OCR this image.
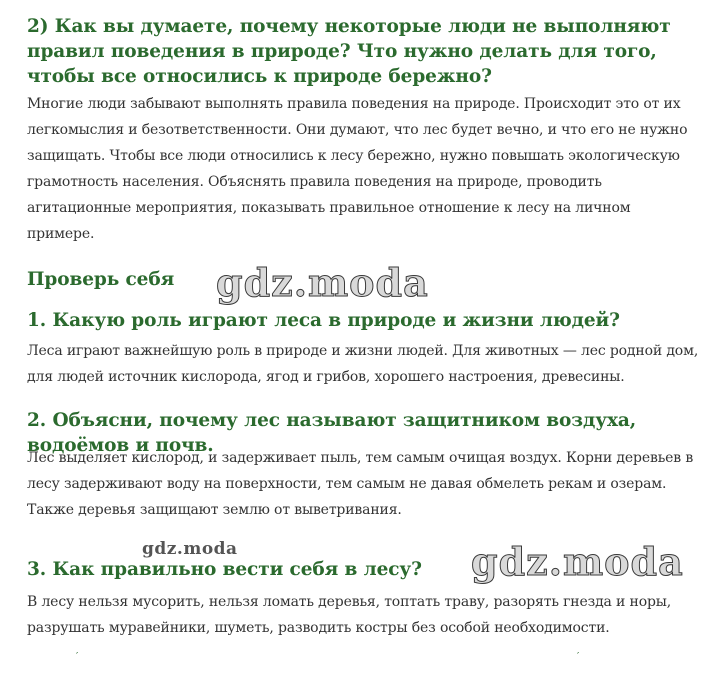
2) Как вы думаете, почему некоторые люди не выполняют правил поведения в природе? Что нужно делать для того, чтобы все относились к природе бережно?

Многие люди забывают выполнять правила поведения на природе. Происходит это от их легкомыслия и безответственности. Они думают, что лес будет вечно, и что его не нужно защищать. Чтобы все люди относились к лесу бережно, нужно повышать экологическую грамотность населения. Объяснять правила поведения на природе, проводить агитационные мероприятия, показывать правильное отношение к лесу на личном примере.

Проверь себя
1. Какую роль играют леса в природе и жизни людей?

Леса играют важнейшую роль в природе и жизни людей. Для животных — лес родной дом, для людей источник кислорода, ягод и грибов, хорошего настроения, древесины.

2. Объясни, почему лес называют защитником воздуха, водоёмов и почв.

Лес выделяет кислород, и задерживает пыль, тем самым очищая воздух. Корни деревьев в лесу задерживают воду на поверхности, тем самым не давая обмелеть рекам и озерам. Также деревья защищают землю от выветривания.

3. Как правильно вести себя в лесу?

В лесу нельзя мусорить, нельзя ломать деревья, топтать траву, разорять гнезда и норы, разрушать муравейники, шуметь, разводить костры без особой необходимости.

gdz.moda
gdz.moda
gdz.moda
′	′
